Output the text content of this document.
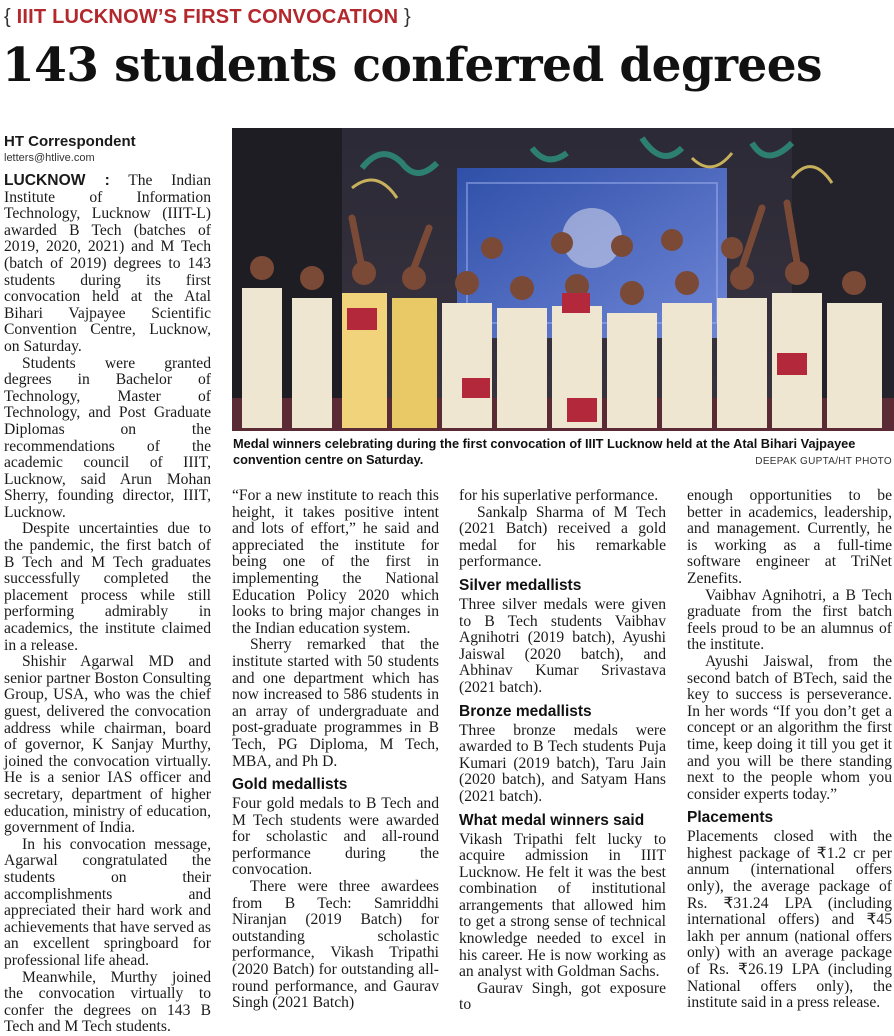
{ IIIT LUCKNOW’S FIRST CONVOCATION }
143 students conferred degrees
HT Correspondent
letters@htlive.com

LUCKNOW : The Indian Institute of Information Technology, Lucknow (IIIT-L) awarded B Tech (batches of 2019, 2020, 2021) and M Tech (batch of 2019) degrees to 143 students during its first convocation held at the Atal Bihari Vajpayee Scientific Convention Centre, Lucknow, on Saturday.

Students were granted degrees in Bachelor of Technology, Master of Technology, and Post Graduate Diplomas on the recommendations of the academic council of IIIT, Lucknow, said Arun Mohan Sherry, founding director, IIIT, Lucknow.

Despite uncertainties due to the pandemic, the first batch of B Tech and M Tech graduates successfully completed the placement process while still performing admirably in academics, the institute claimed in a release.

Shishir Agarwal MD and senior partner Boston Consulting Group, USA, who was the chief guest, delivered the convocation address while chairman, board of governor, K Sanjay Murthy, joined the convocation virtually. He is a senior IAS officer and secretary, department of higher education, ministry of education, government of India.

In his convocation message, Agarwal congratulated the students on their accomplishments and appreciated their hard work and achievements that have served as an excellent springboard for professional life ahead.

Meanwhile, Murthy joined the convocation virtually to confer the degrees on 143 B Tech and M Tech students.

Medal winners celebrating during the first convocation of IIIT Lucknow held at the Atal Bihari Vajpayee convention centre on Saturday.	DEEPAK GUPTA/HT PHOTO

“For a new institute to reach this height, it takes positive intent and lots of effort,” he said and appreciated the institute for being one of the first in implementing the National Education Policy 2020 which looks to bring major changes in the Indian education system.

Sherry remarked that the institute started with 50 students and one department which has now increased to 586 students in an array of undergraduate and post-graduate programmes in B Tech, PG Diploma, M Tech, MBA, and Ph D.

Gold medallists

Four gold medals to B Tech and M Tech students were awarded for scholastic and all-round performance during the convocation.

There were three awardees from B Tech: Samriddhi Niranjan (2019 Batch) for outstanding scholastic performance, Vikash Tripathi (2020 Batch) for outstanding all-round performance, and Gaurav Singh (2021 Batch)

for his superlative performance.

Sankalp Sharma of M Tech (2021 Batch) received a gold medal for his remarkable performance.

Silver medallists

Three silver medals were given to B Tech students Vaibhav Agnihotri (2019 batch), Ayushi Jaiswal (2020 batch), and Abhinav Kumar Srivastava (2021 batch).

Bronze medallists

Three bronze medals were awarded to B Tech students Puja Kumari (2019 batch), Taru Jain (2020 batch), and Satyam Hans (2021 batch).

What medal winners said

Vikash Tripathi felt lucky to acquire admission in IIIT Lucknow. He felt it was the best combination of institutional arrangements that allowed him to get a strong sense of technical knowledge needed to excel in his career. He is now working as an analyst with Goldman Sachs.

Gaurav Singh, got exposure to

enough opportunities to be better in academics, leadership, and management. Currently, he is working as a full-time software engineer at TriNet Zenefits.

Vaibhav Agnihotri, a B Tech graduate from the first batch feels proud to be an alumnus of the institute.

Ayushi Jaiswal, from the second batch of BTech, said the key to success is perseverance. In her words “If you don’t get a concept or an algorithm the first time, keep doing it till you get it and you will be there standing next to the people whom you consider experts today.”

Placements

Placements closed with the highest package of ₹1.2 cr per annum (international offers only), the average package of Rs. ₹31.24 LPA (including international offers) and ₹45 lakh per annum (national offers only) with an average package of Rs. ₹26.19 LPA (including National offers only), the institute said in a press release.
